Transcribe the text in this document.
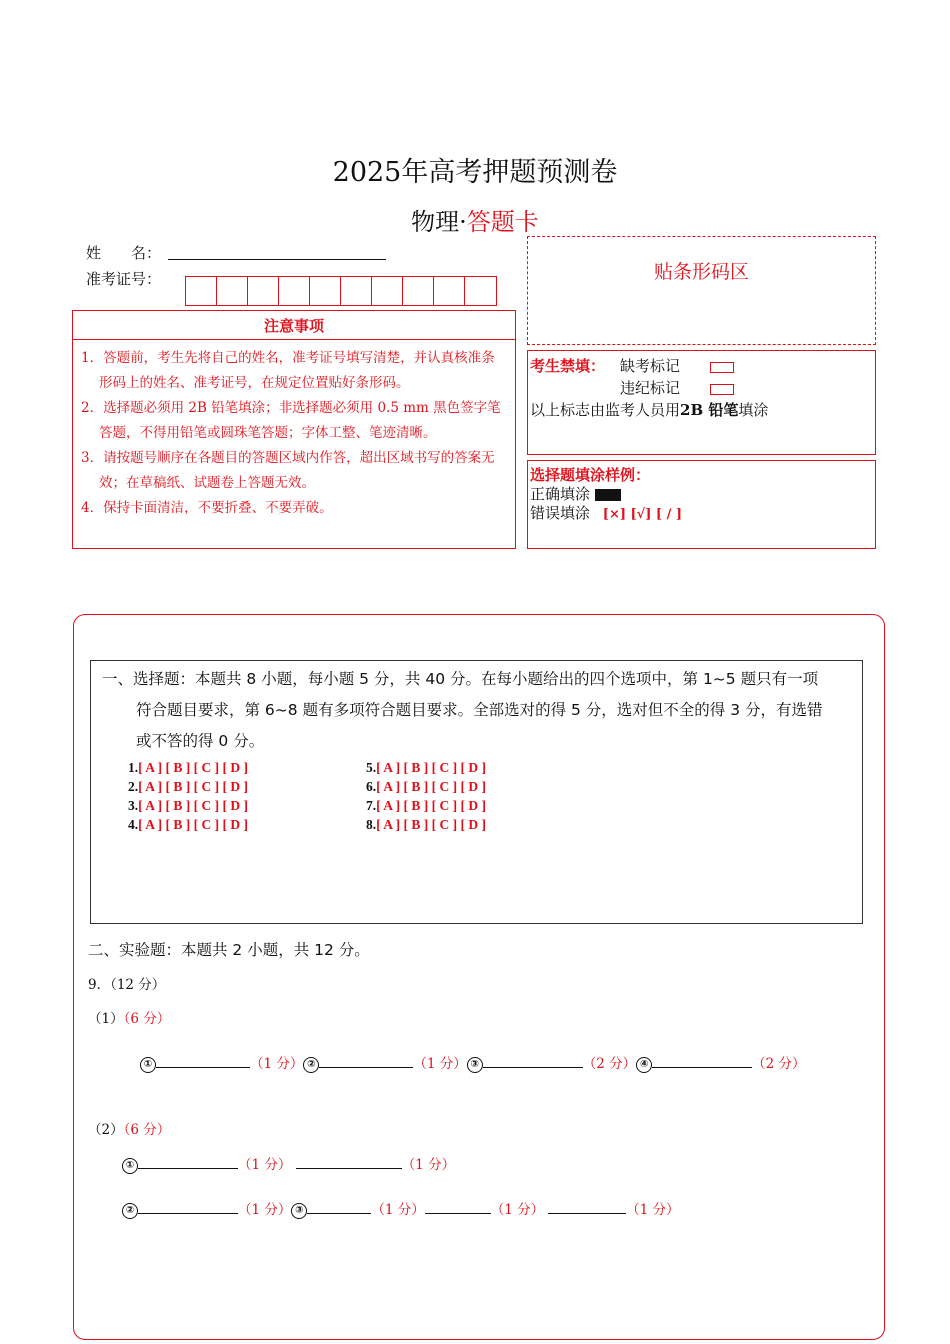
2025年高考押题预测卷
物理·答题卡
姓　　名：
准考证号：	贴条形码区
注意事项

1．答题前，考生先将自己的姓名，准考证号填写清楚，并认真核准条形码上的姓名、准考证号，在规定位置贴好条形码。

2．选择题必须用 2B 铅笔填涂；非选择题必须用 0.5 mm 黑色签字笔答题，不得用铅笔或圆珠笔答题；字体工整、笔迹清晰。

3．请按题号顺序在各题目的答题区域内作答，超出区域书写的答案无效；在草稿纸、试题卷上答题无效。

4．保持卡面清洁，不要折叠、不要弄破。

考生禁填： 缺考标记
违纪标记
以上标志由监考人员用2B 铅笔填涂
选择题填涂样例：
正确填涂
错误填涂 [×] [√] [ / ]
一、选择题：本题共 8 小题，每小题 5 分，共 40 分。在每小题给出的四个选项中，第 1~5 题只有一项
符合题目要求，第 6~8 题有多项符合题目要求。全部选对的得 5 分，选对但不全的得 3 分，有选错
或不答的得 0 分。
1.[ A ] [ B ] [ C ] [ D ]
2.[ A ] [ B ] [ C ] [ D ]
3.[ A ] [ B ] [ C ] [ D ]
4.[ A ] [ B ] [ C ] [ D ]
5.[ A ] [ B ] [ C ] [ D ]
6.[ A ] [ B ] [ C ] [ D ]
7.[ A ] [ B ] [ C ] [ D ]
8.[ A ] [ B ] [ C ] [ D ]
二、实验题：本题共 2 小题，共 12 分。
9．（12 分）
（1）（6 分）
①	（1 分） ②	（1 分） ③	（2 分） ④	（2 分）
（2）（6 分）
①	（1 分）	（1 分）
②	（1 分） ③	（1 分）	（1 分）	（1 分）
